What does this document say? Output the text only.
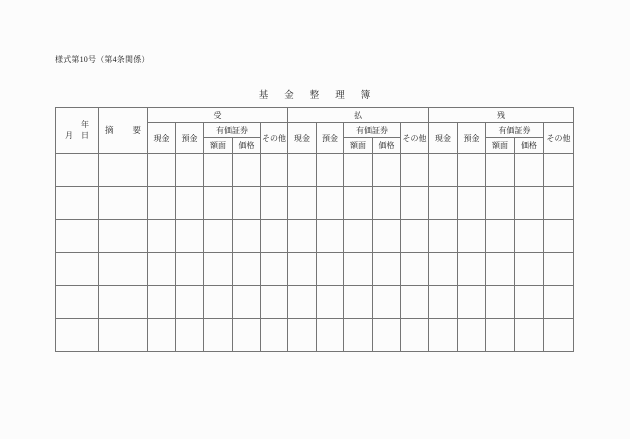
様式第10号（第4条関係）
基金整理簿
年
月 日	摘要	受					払					残				
		現金	預金	有価証券		その他	現金	預金	有価証券		その他	現金	預金	有価証券		その他
				額面	価格				額面	価格				額面	価格	
